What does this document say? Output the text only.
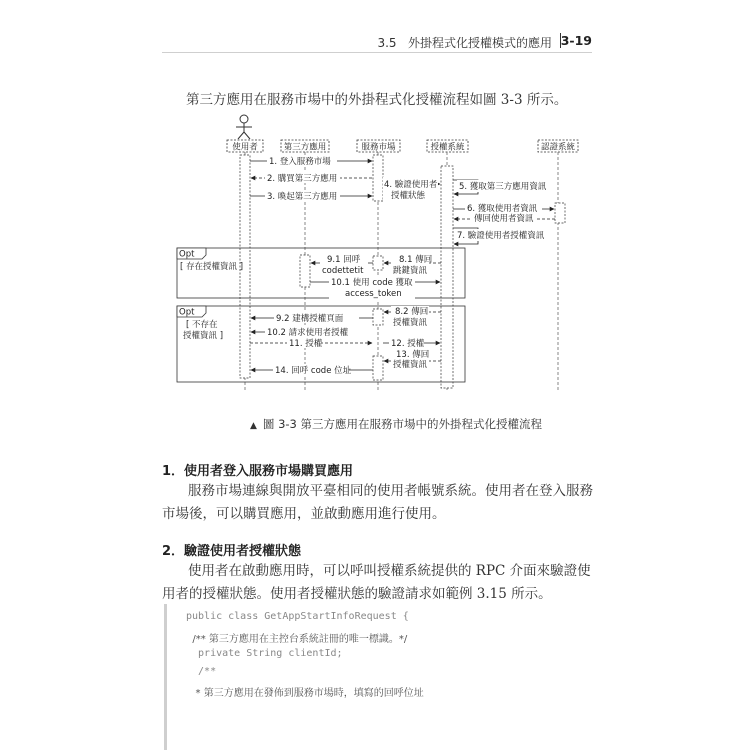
3.5 外掛程式化授權模式的應用 3-19
第三方應用在服務市場中的外掛程式化授權流程如圖 3-3 所示。
使用者	第三方應用	服務市場	授權系統	認證系統
Opt
[ 存在授權資訊 ]
Opt
[ 不存在
授權資訊 ]
1. 登入服務市場
2. 購買第三方應用
3. 喚起第三方應用
4. 驗證使用者
授權狀態
5. 獲取第三方應用資訊
6. 獲取使用者資訊
傳回使用者資訊
7. 驗證使用者授權資訊
8.1 傳回
跳鍵資訊
9.1 回呼
codettetit
10.1 使用 code 獲取
access_token
8.2 傳回
授權資訊
9.2 建構授權頁面
10.2 請求使用者授權
11. 授權	12. 授權
13. 傳回
授權資訊
14. 回呼 code 位址
▲ 圖 3-3 第三方應用在服務市場中的外掛程式化授權流程
1．使用者登入服務市場購買應用

服務市場連線與開放平臺相同的使用者帳號系統。使用者在登入服務市場後，可以購買應用，並啟動應用進行使用。

2．驗證使用者授權狀態

使用者在啟動應用時，可以呼叫授權系統提供的 RPC 介面來驗證使用者的授權狀態。使用者授權狀態的驗證請求如範例 3.15 所示。

public class GetAppStartInfoRequest {
/** 第三方應用在主控台系統註冊的唯一標識。*/
private String clientId;
/**
* 第三方應用在發佈到服務市場時，填寫的回呼位址
